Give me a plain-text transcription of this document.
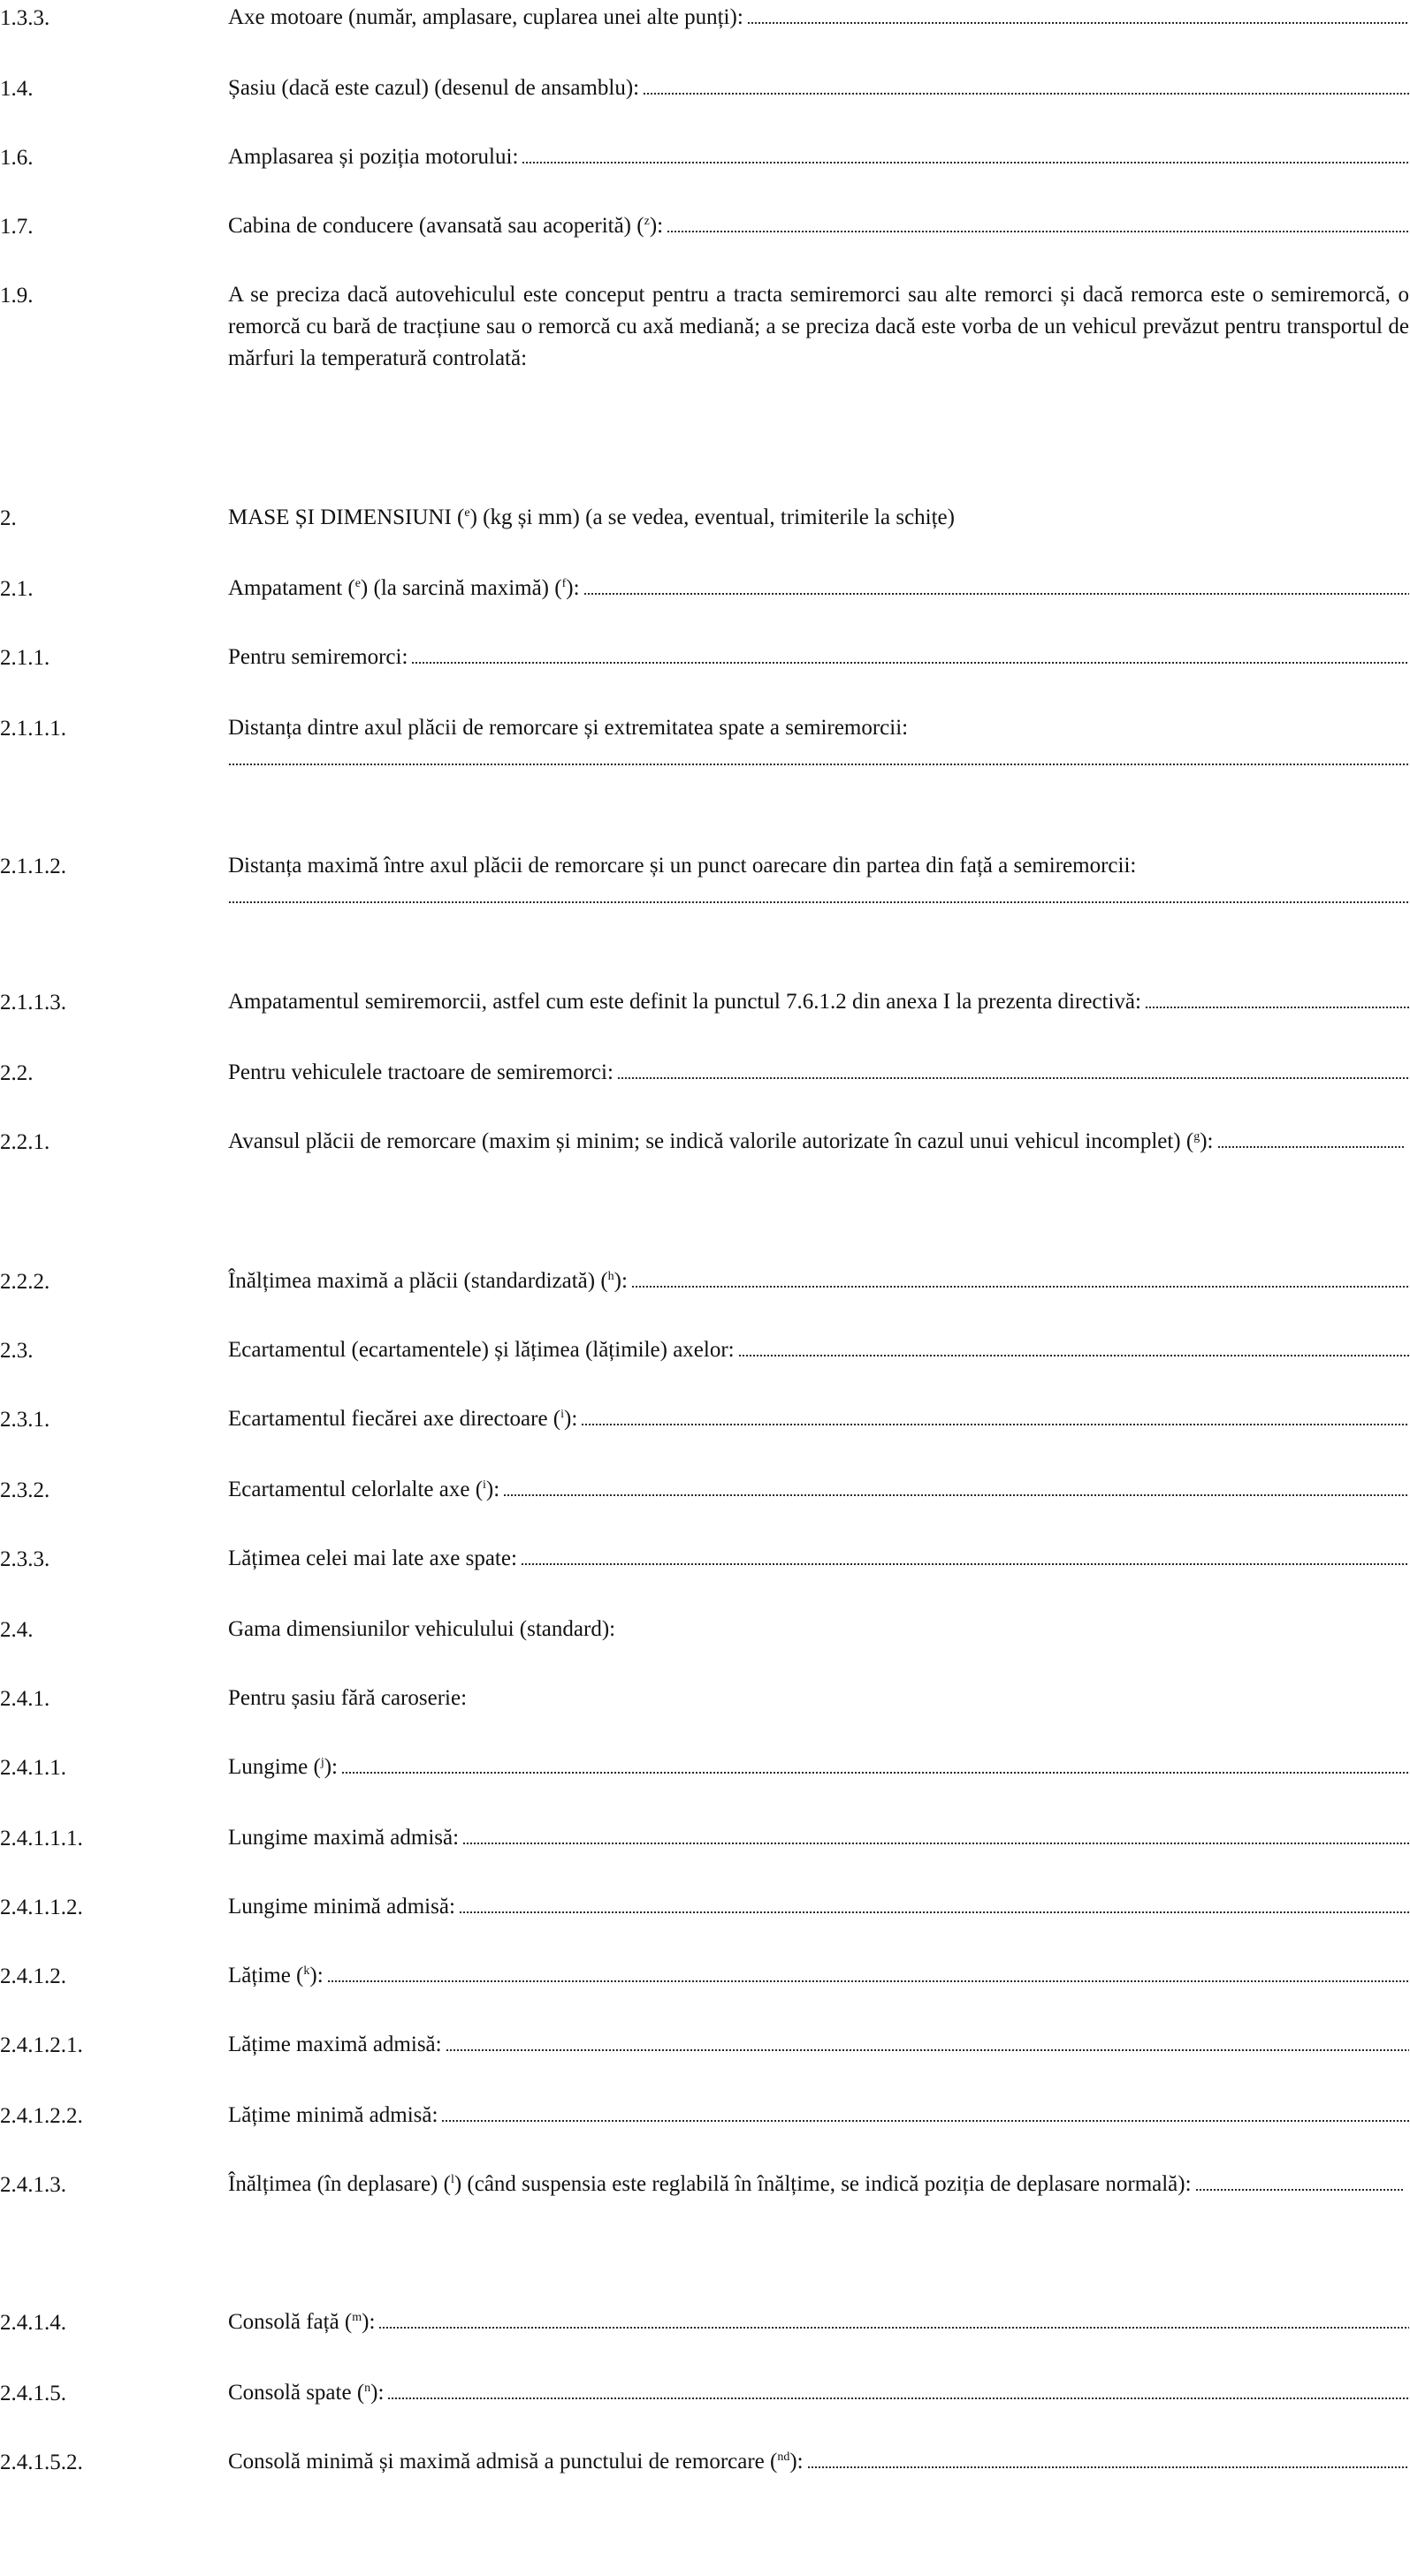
1.3.3.	Axe motoare (număr, amplasare, cuplarea unei alte punți):
1.4.	Șasiu (dacă este cazul) (desenul de ansamblu):
1.6.	Amplasarea și poziția motorului:
1.7.	Cabina de conducere (avansată sau acoperită) ($^z$):
1.9.	A se preciza dacă autovehiculul este conceput pentru a tracta semiremorci sau alte remorci și dacă remorca este o semiremorcă, o remorcă cu bară de tracțiune sau o remorcă cu axă mediană; a se preciza dacă este vorba de un vehicul prevăzut pentru transportul de mărfuri la temperatură controlată:
2.	MASE ȘI DIMENSIUNI ($^e$) (kg și mm) (a se vedea, eventual, trimiterile la schițe)
2.1.	Ampatament ($^e$) (la sarcină maximă) ($^f$):
2.1.1.	Pentru semiremorci:
2.1.1.1.	Distanța dintre axul plăcii de remorcare și extremitatea spate a semiremorcii:
2.1.1.2.	Distanța maximă între axul plăcii de remorcare și un punct oarecare din partea din față a semiremorcii:
2.1.1.3.	Ampatamentul semiremorcii, astfel cum este definit la punctul 7.6.1.2 din anexa I la prezenta directivă:
2.2.	Pentru vehiculele tractoare de semiremorci:
2.2.1.	Avansul plăcii de remorcare (maxim și minim; se indică valorile autorizate în cazul unui vehicul incomplet) ($^g$):
2.2.2.	Înălțimea maximă a plăcii (standardizată) ($^h$):
2.3.	Ecartamentul (ecartamentele) și lățimea (lățimile) axelor:
2.3.1.	Ecartamentul fiecărei axe directoare ($^i$):
2.3.2.	Ecartamentul celorlalte axe ($^i$):
2.3.3.	Lățimea celei mai late axe spate:
2.4.	Gama dimensiunilor vehiculului (standard):
2.4.1.	Pentru șasiu fără caroserie:
2.4.1.1.	Lungime ($^j$):
2.4.1.1.1.	Lungime maximă admisă:
2.4.1.1.2.	Lungime minimă admisă:
2.4.1.2.	Lățime ($^k$):
2.4.1.2.1.	Lățime maximă admisă:
2.4.1.2.2.	Lățime minimă admisă:
2.4.1.3.	Înălțimea (în deplasare) ($^l$) (când suspensia este reglabilă în înălțime, se indică poziția de deplasare normală):
2.4.1.4.	Consolă față ($^m$):
2.4.1.5.	Consolă spate ($^n$):
2.4.1.5.2.	Consolă minimă și maximă admisă a punctului de remorcare ($^{nd}$):
